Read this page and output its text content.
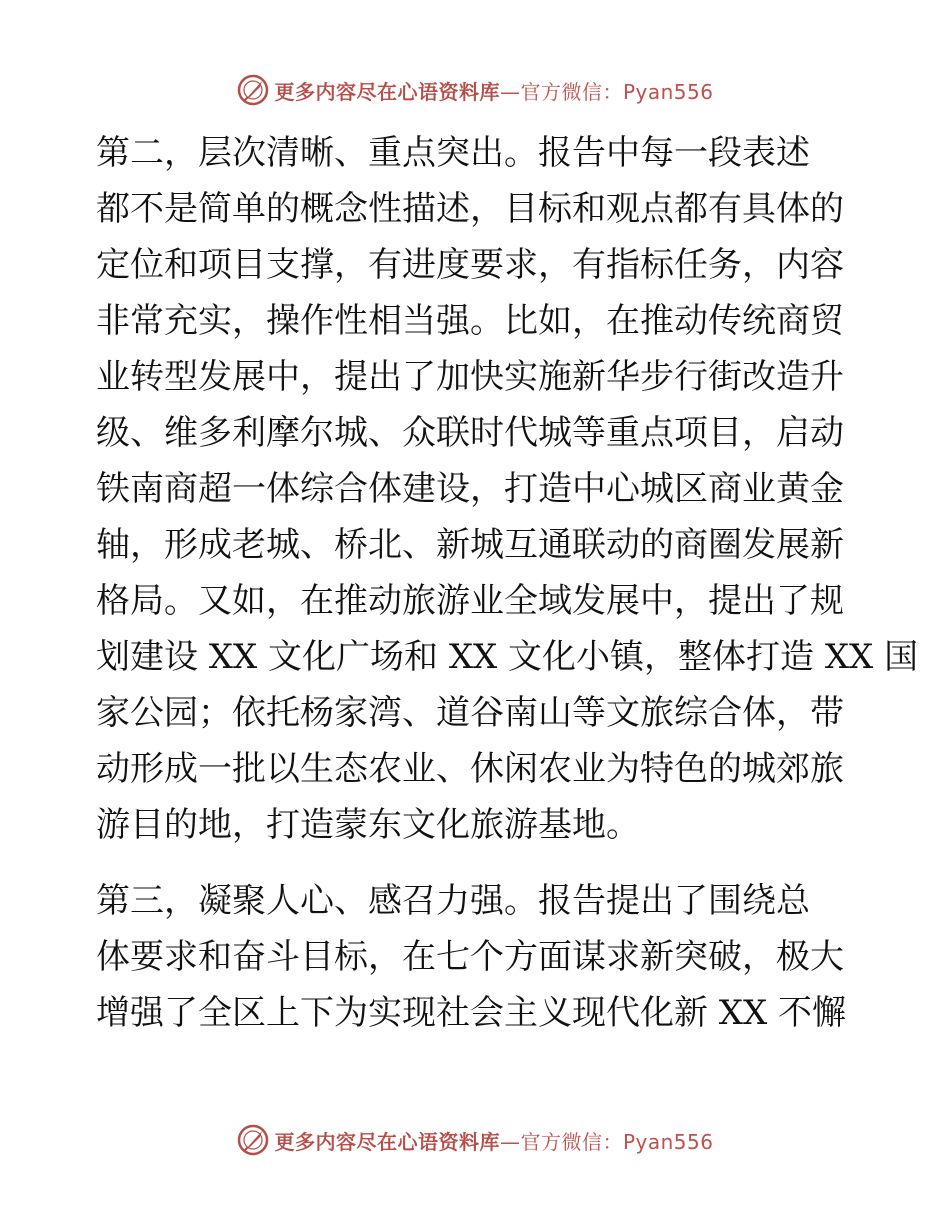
更多内容尽在心语资料库—官方微信：Pyan556
第二，层次清晰、重点突出。报告中每一段表述
都不是简单的概念性描述，目标和观点都有具体的
定位和项目支撑，有进度要求，有指标任务，内容
非常充实，操作性相当强。比如，在推动传统商贸
业转型发展中，提出了加快实施新华步行街改造升
级、维多利摩尔城、众联时代城等重点项目，启动
铁南商超一体综合体建设，打造中心城区商业黄金
轴，形成老城、桥北、新城互通联动的商圈发展新
格局。又如，在推动旅游业全域发展中，提出了规
划建设 XX 文化广场和 XX 文化小镇，整体打造 XX 国
家公园；依托杨家湾、道谷南山等文旅综合体，带
动形成一批以生态农业、休闲农业为特色的城郊旅
游目的地，打造蒙东文化旅游基地。
第三，凝聚人心、感召力强。报告提出了围绕总
体要求和奋斗目标，在七个方面谋求新突破，极大
增强了全区上下为实现社会主义现代化新 XX 不懈
更多内容尽在心语资料库—官方微信：Pyan556
